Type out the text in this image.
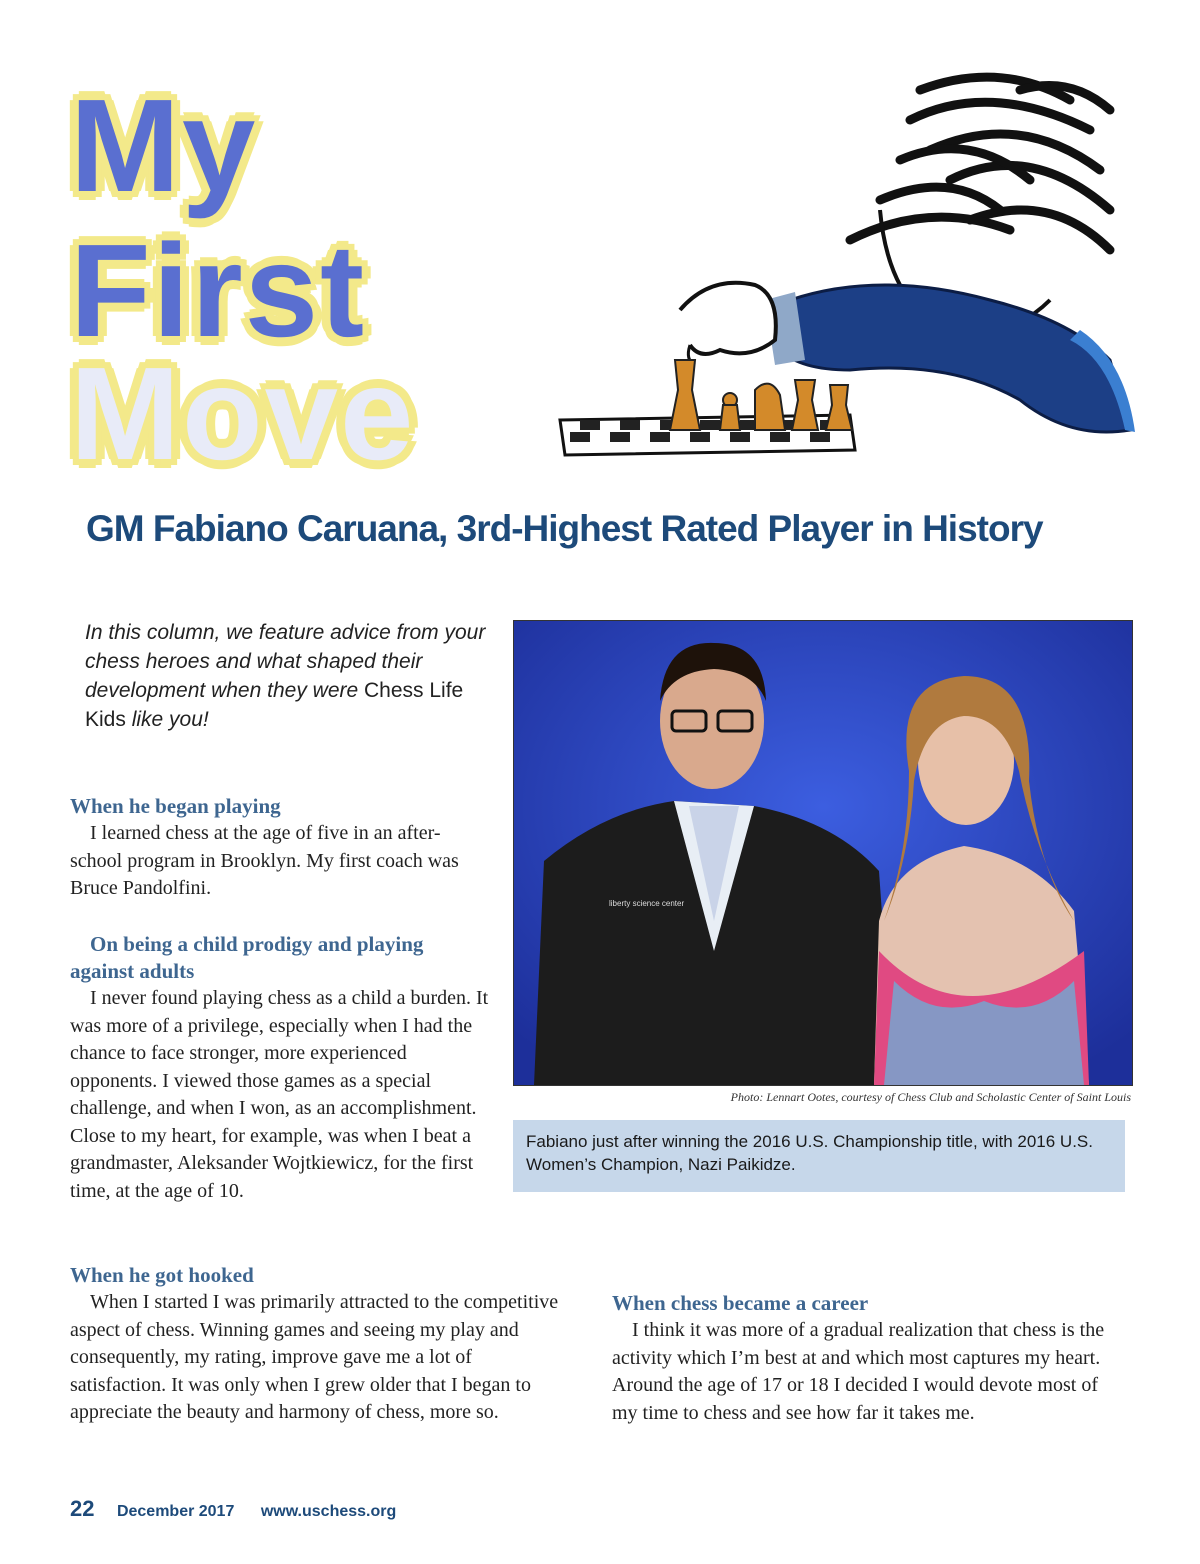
My
First
Move
GM Fabiano Caruana, 3rd-Highest Rated Player in History
In this column, we feature advice from your chess heroes and what shaped their development when they were Chess Life Kids like you!
liberty science center
Photo: Lennart Ootes, courtesy of Chess Club and Scholastic Center of Saint Louis
Fabiano just after winning the 2016 U.S. Championship title, with 2016 U.S. Women’s Champion, Nazi Paikidze.
When he began playing

I learned chess at the age of five in an after-school program in Brooklyn. My first coach was Bruce Pandolfini.

On being a child prodigy and playing against adults

I never found playing chess as a child a burden. It was more of a privilege, especially when I had the chance to face stronger, more experienced opponents. I viewed those games as a special challenge, and when I won, as an accomplishment. Close to my heart, for example, was when I beat a grandmaster, Aleksander Wojtkiewicz, for the first time, at the age of 10.

When he got hooked

When I started I was primarily attracted to the competitive aspect of chess. Winning games and seeing my play and consequently, my rating, improve gave me a lot of satisfaction. It was only when I grew older that I began to appreciate the beauty and harmony of chess, more so.

When chess became a career

I think it was more of a gradual realization that chess is the activity which I’m best at and which most captures my heart. Around the age of 17 or 18 I decided I would devote most of my time to chess and see how far it takes me.

22 December 2017 www.uschess.org
